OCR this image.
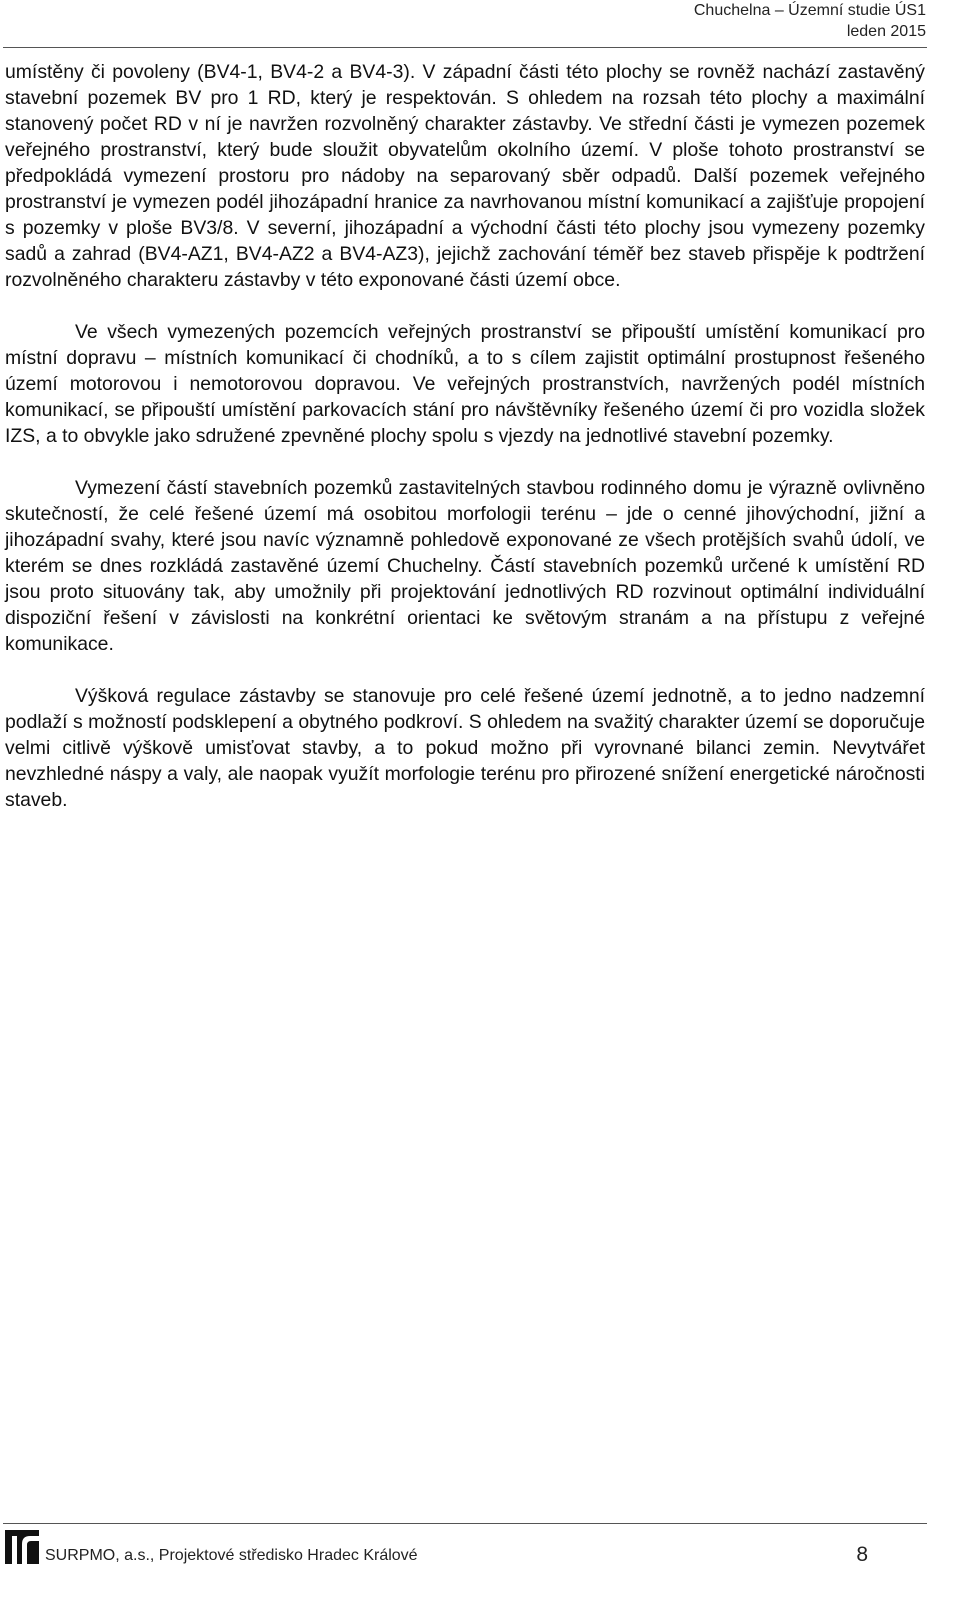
Chuchelna – Územní studie ÚS1
leden 2015

umístěny či povoleny (BV4-1, BV4-2 a BV4-3). V západní části této plochy se rovněž nachází zastavěný stavební pozemek BV pro 1 RD, který je respektován. S ohledem na rozsah této plochy a maximální stanovený počet RD v ní je navržen rozvolněný charakter zástavby. Ve střední části je vymezen pozemek veřejného prostranství, který bude sloužit obyvatelům okolního území. V ploše tohoto prostranství se předpokládá vymezení prostoru pro nádoby na separovaný sběr odpadů. Další pozemek veřejného prostranství je vymezen podél jihozápadní hranice za navrhovanou místní komunikací a zajišťuje propojení s pozemky v ploše BV3/8. V severní, jihozápadní a východní části této plochy jsou vymezeny pozemky sadů a zahrad (BV4-AZ1, BV4-AZ2 a BV4-AZ3), jejichž zachování téměř bez staveb přispěje k podtržení rozvolněného charakteru zástavby v této exponované části území obce.

Ve všech vymezených pozemcích veřejných prostranství se připouští umístění komunikací pro místní dopravu – místních komunikací či chodníků, a to s cílem zajistit optimální prostupnost řešeného území motorovou i nemotorovou dopravou. Ve veřejných prostranstvích, navržených podél místních komunikací, se připouští umístění parkovacích stání pro návštěvníky řešeného území či pro vozidla složek IZS, a to obvykle jako sdružené zpevněné plochy spolu s vjezdy na jednotlivé stavební pozemky.

Vymezení částí stavebních pozemků zastavitelných stavbou rodinného domu je výrazně ovlivněno skutečností, že celé řešené území má osobitou morfologii terénu – jde o cenné jihovýchodní, jižní a jihozápadní svahy, které jsou navíc významně pohledově exponované ze všech protějších svahů údolí, ve kterém se dnes rozkládá zastavěné území Chuchelny. Částí stavebních pozemků určené k umístění RD jsou proto situovány tak, aby umožnily při projektování jednotlivých RD rozvinout optimální individuální dispoziční řešení v závislosti na konkrétní orientaci ke světovým stranám a na přístupu z veřejné komunikace.

Výšková regulace zástavby se stanovuje pro celé řešené území jednotně, a to jedno nadzemní podlaží s možností podsklepení a obytného podkroví. S ohledem na svažitý charakter území se doporučuje velmi citlivě výškově umisťovat stavby, a to pokud možno při vyrovnané bilanci zemin. Nevytvářet nevzhledné náspy a valy, ale naopak využít morfologie terénu pro přirozené snížení energetické náročnosti staveb.

SURPMO, a.s., Projektové středisko Hradec Králové	8
